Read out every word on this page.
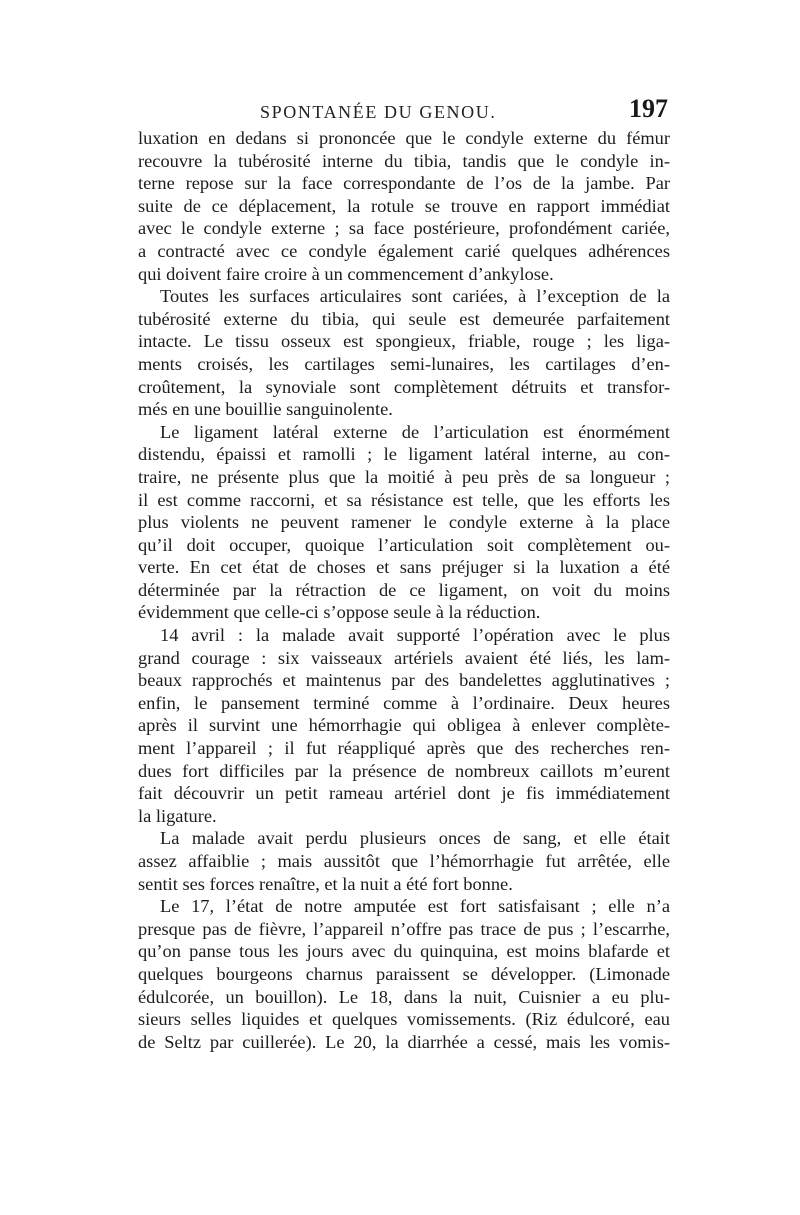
SPONTANÉE DU GENOU.	197
luxation en dedans si prononcée que le condyle externe du fémur
recouvre la tubérosité interne du tibia, tandis que le condyle in-
terne repose sur la face correspondante de l’os de la jambe. Par
suite de ce déplacement, la rotule se trouve en rapport immédiat
avec le condyle externe ; sa face postérieure, profondément cariée,
a contracté avec ce condyle également carié quelques adhérences
qui doivent faire croire à un commencement d’ankylose.
Toutes les surfaces articulaires sont cariées, à l’exception de la
tubérosité externe du tibia, qui seule est demeurée parfaitement
intacte. Le tissu osseux est spongieux, friable, rouge ; les liga-
ments croisés, les cartilages semi-lunaires, les cartilages d’en-
croûtement, la synoviale sont complètement détruits et transfor-
més en une bouillie sanguinolente.
Le ligament latéral externe de l’articulation est énormément
distendu, épaissi et ramolli ; le ligament latéral interne, au con-
traire, ne présente plus que la moitié à peu près de sa longueur ;
il est comme raccorni, et sa résistance est telle, que les efforts les
plus violents ne peuvent ramener le condyle externe à la place
qu’il doit occuper, quoique l’articulation soit complètement ou-
verte. En cet état de choses et sans préjuger si la luxation a été
déterminée par la rétraction de ce ligament, on voit du moins
évidemment que celle-ci s’oppose seule à la réduction.
14 avril : la malade avait supporté l’opération avec le plus
grand courage : six vaisseaux artériels avaient été liés, les lam-
beaux rapprochés et maintenus par des bandelettes agglutinatives ;
enfin, le pansement terminé comme à l’ordinaire. Deux heures
après il survint une hémorrhagie qui obligea à enlever complète-
ment l’appareil ; il fut réappliqué après que des recherches ren-
dues fort difficiles par la présence de nombreux caillots m’eurent
fait découvrir un petit rameau artériel dont je fis immédiatement
la ligature.
La malade avait perdu plusieurs onces de sang, et elle était
assez affaiblie ; mais aussitôt que l’hémorrhagie fut arrêtée, elle
sentit ses forces renaître, et la nuit a été fort bonne.
Le 17, l’état de notre amputée est fort satisfaisant ; elle n’a
presque pas de fièvre, l’appareil n’offre pas trace de pus ; l’escarrhe,
qu’on panse tous les jours avec du quinquina, est moins blafarde et
quelques bourgeons charnus paraissent se développer. (Limonade
édulcorée, un bouillon). Le 18, dans la nuit, Cuisnier a eu plu-
sieurs selles liquides et quelques vomissements. (Riz édulcoré, eau
de Seltz par cuillerée). Le 20, la diarrhée a cessé, mais les vomis-
